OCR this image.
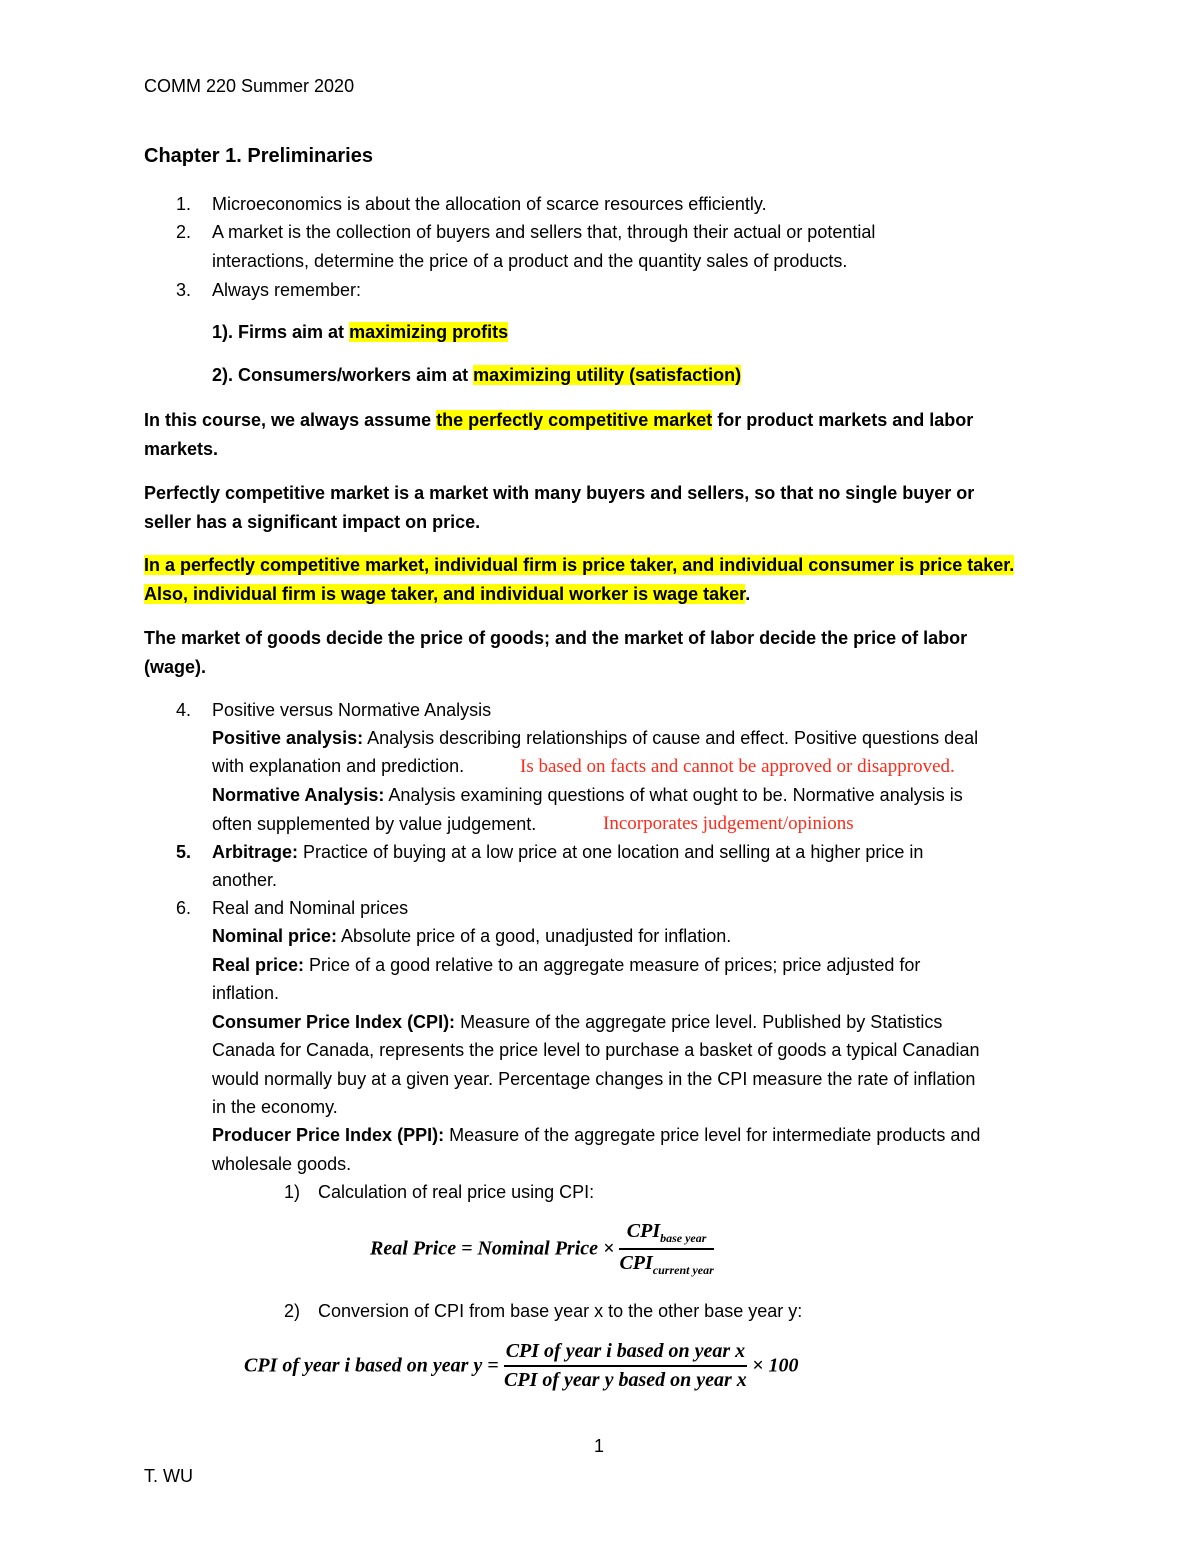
COMM 220 Summer 2020
Chapter 1. Preliminaries
1. Microeconomics is about the allocation of scarce resources efficiently.
2. A market is the collection of buyers and sellers that, through their actual or potential
interactions, determine the price of a product and the quantity sales of products.
3. Always remember:
1). Firms aim at maximizing profits
2). Consumers/workers aim at maximizing utility (satisfaction)
In this course, we always assume the perfectly competitive market for product markets and labor
markets.
Perfectly competitive market is a market with many buyers and sellers, so that no single buyer or
seller has a significant impact on price.
In a perfectly competitive market, individual firm is price taker, and individual consumer is price taker.
Also, individual firm is wage taker, and individual worker is wage taker.
The market of goods decide the price of goods; and the market of labor decide the price of labor
(wage).
4. Positive versus Normative Analysis
Positive analysis: Analysis describing relationships of cause and effect. Positive questions deal
with explanation and prediction.	Is based on facts and cannot be approved or disapproved.
Normative Analysis: Analysis examining questions of what ought to be. Normative analysis is
often supplemented by value judgement.	Incorporates judgement/opinions
5. Arbitrage: Practice of buying at a low price at one location and selling at a higher price in
another.
6. Real and Nominal prices
Nominal price: Absolute price of a good, unadjusted for inflation.
Real price: Price of a good relative to an aggregate measure of prices; price adjusted for
inflation.
Consumer Price Index (CPI): Measure of the aggregate price level. Published by Statistics
Canada for Canada, represents the price level to purchase a basket of goods a typical Canadian
would normally buy at a given year. Percentage changes in the CPI measure the rate of inflation
in the economy.
Producer Price Index (PPI): Measure of the aggregate price level for intermediate products and
wholesale goods.
1) Calculation of real price using CPI:
Real Price = Nominal Price × $\frac{CPI_{base year}}{CPI_{current year}}$
2) Conversion of CPI from base year x to the other base year y:
CPI of year i based on year $y = \frac{\text{CPI of year i based on year x}}{\text{CPI of year y based on year x}} \times 100$
1
T. WU
